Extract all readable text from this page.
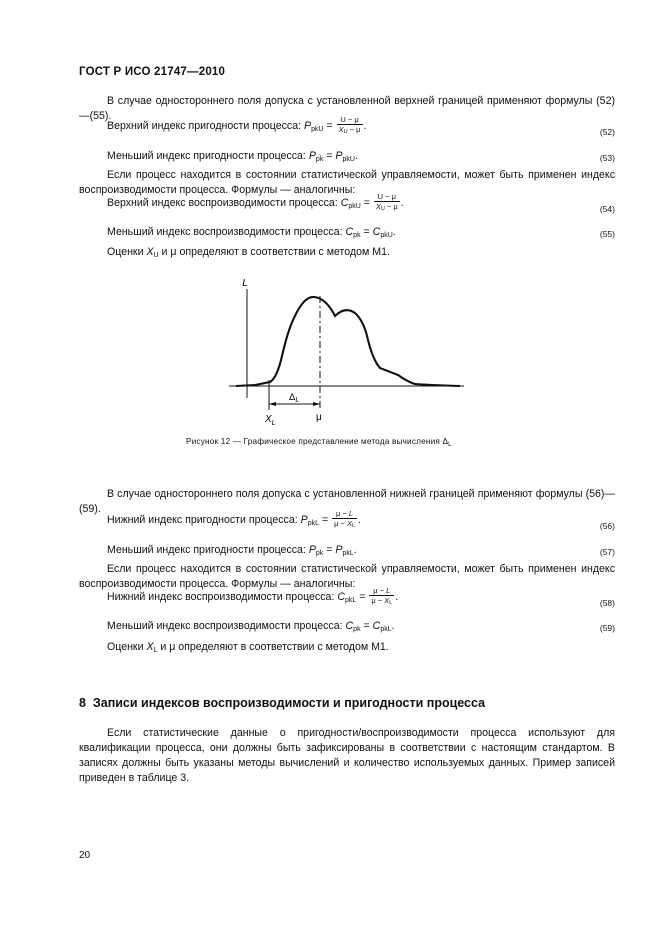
ГОСТ Р ИСО 21747—2010
В случае одностороннего поля допуска с установленной верхней границей применяют формулы (52)—(55).
Верхний индекс пригодности процесса: $P_{pkU} = \frac{U - \mu}{X_U - \mu}$ .
(52)
Меньший индекс пригодности процесса: $P_{pk} = P_{pkU}$.	(53)
Если процесс находится в состоянии статистической управляемости, может быть применен индекс воспроизводимости процесса. Формулы — аналогичны:
Верхний индекс воспроизводимости процесса: $C_{pkU} = \frac{U - \mu}{X_U - \mu}$ .
(54)
Меньший индекс воспроизводимости процесса: $C_{pk} = C_{pkU}$.	(55)
Оценки $X_U$ и μ определяют в соответствии с методом М1.
L
$\Delta_L$
$X_L$
μ
Рисунок 12 — Графическое представление метода вычисления $\Delta_L$
В случае одностороннего поля допуска с установленной нижней границей применяют формулы (56)—(59).
Нижний индекс пригодности процесса: $P_{pkL} = \frac{\mu - L}{\mu - X_L}$ .
(56)
Меньший индекс пригодности процесса: $P_{pk} = P_{pkL}$.	(57)
Если процесс находится в состоянии статистической управляемости, может быть применен индекс воспроизводимости процесса. Формулы — аналогичны:
Нижний индекс воспроизводимости процесса: $C_{pkL} = \frac{\mu - L}{\mu - X_L}$ .
(58)
Меньший индекс воспроизводимости процесса: $C_{pk} = C_{pkL}$.	(59)
Оценки $X_L$ и μ определяют в соответствии с методом М1.
8 Записи индексов воспроизводимости и пригодности процесса
Если статистические данные о пригодности/воспроизводимости процесса используют для квалификации процесса, они должны быть зафиксированы в соответствии с настоящим стандартом. В записях должны быть указаны методы вычислений и количество используемых данных. Пример записей приведен в таблице 3.
20
